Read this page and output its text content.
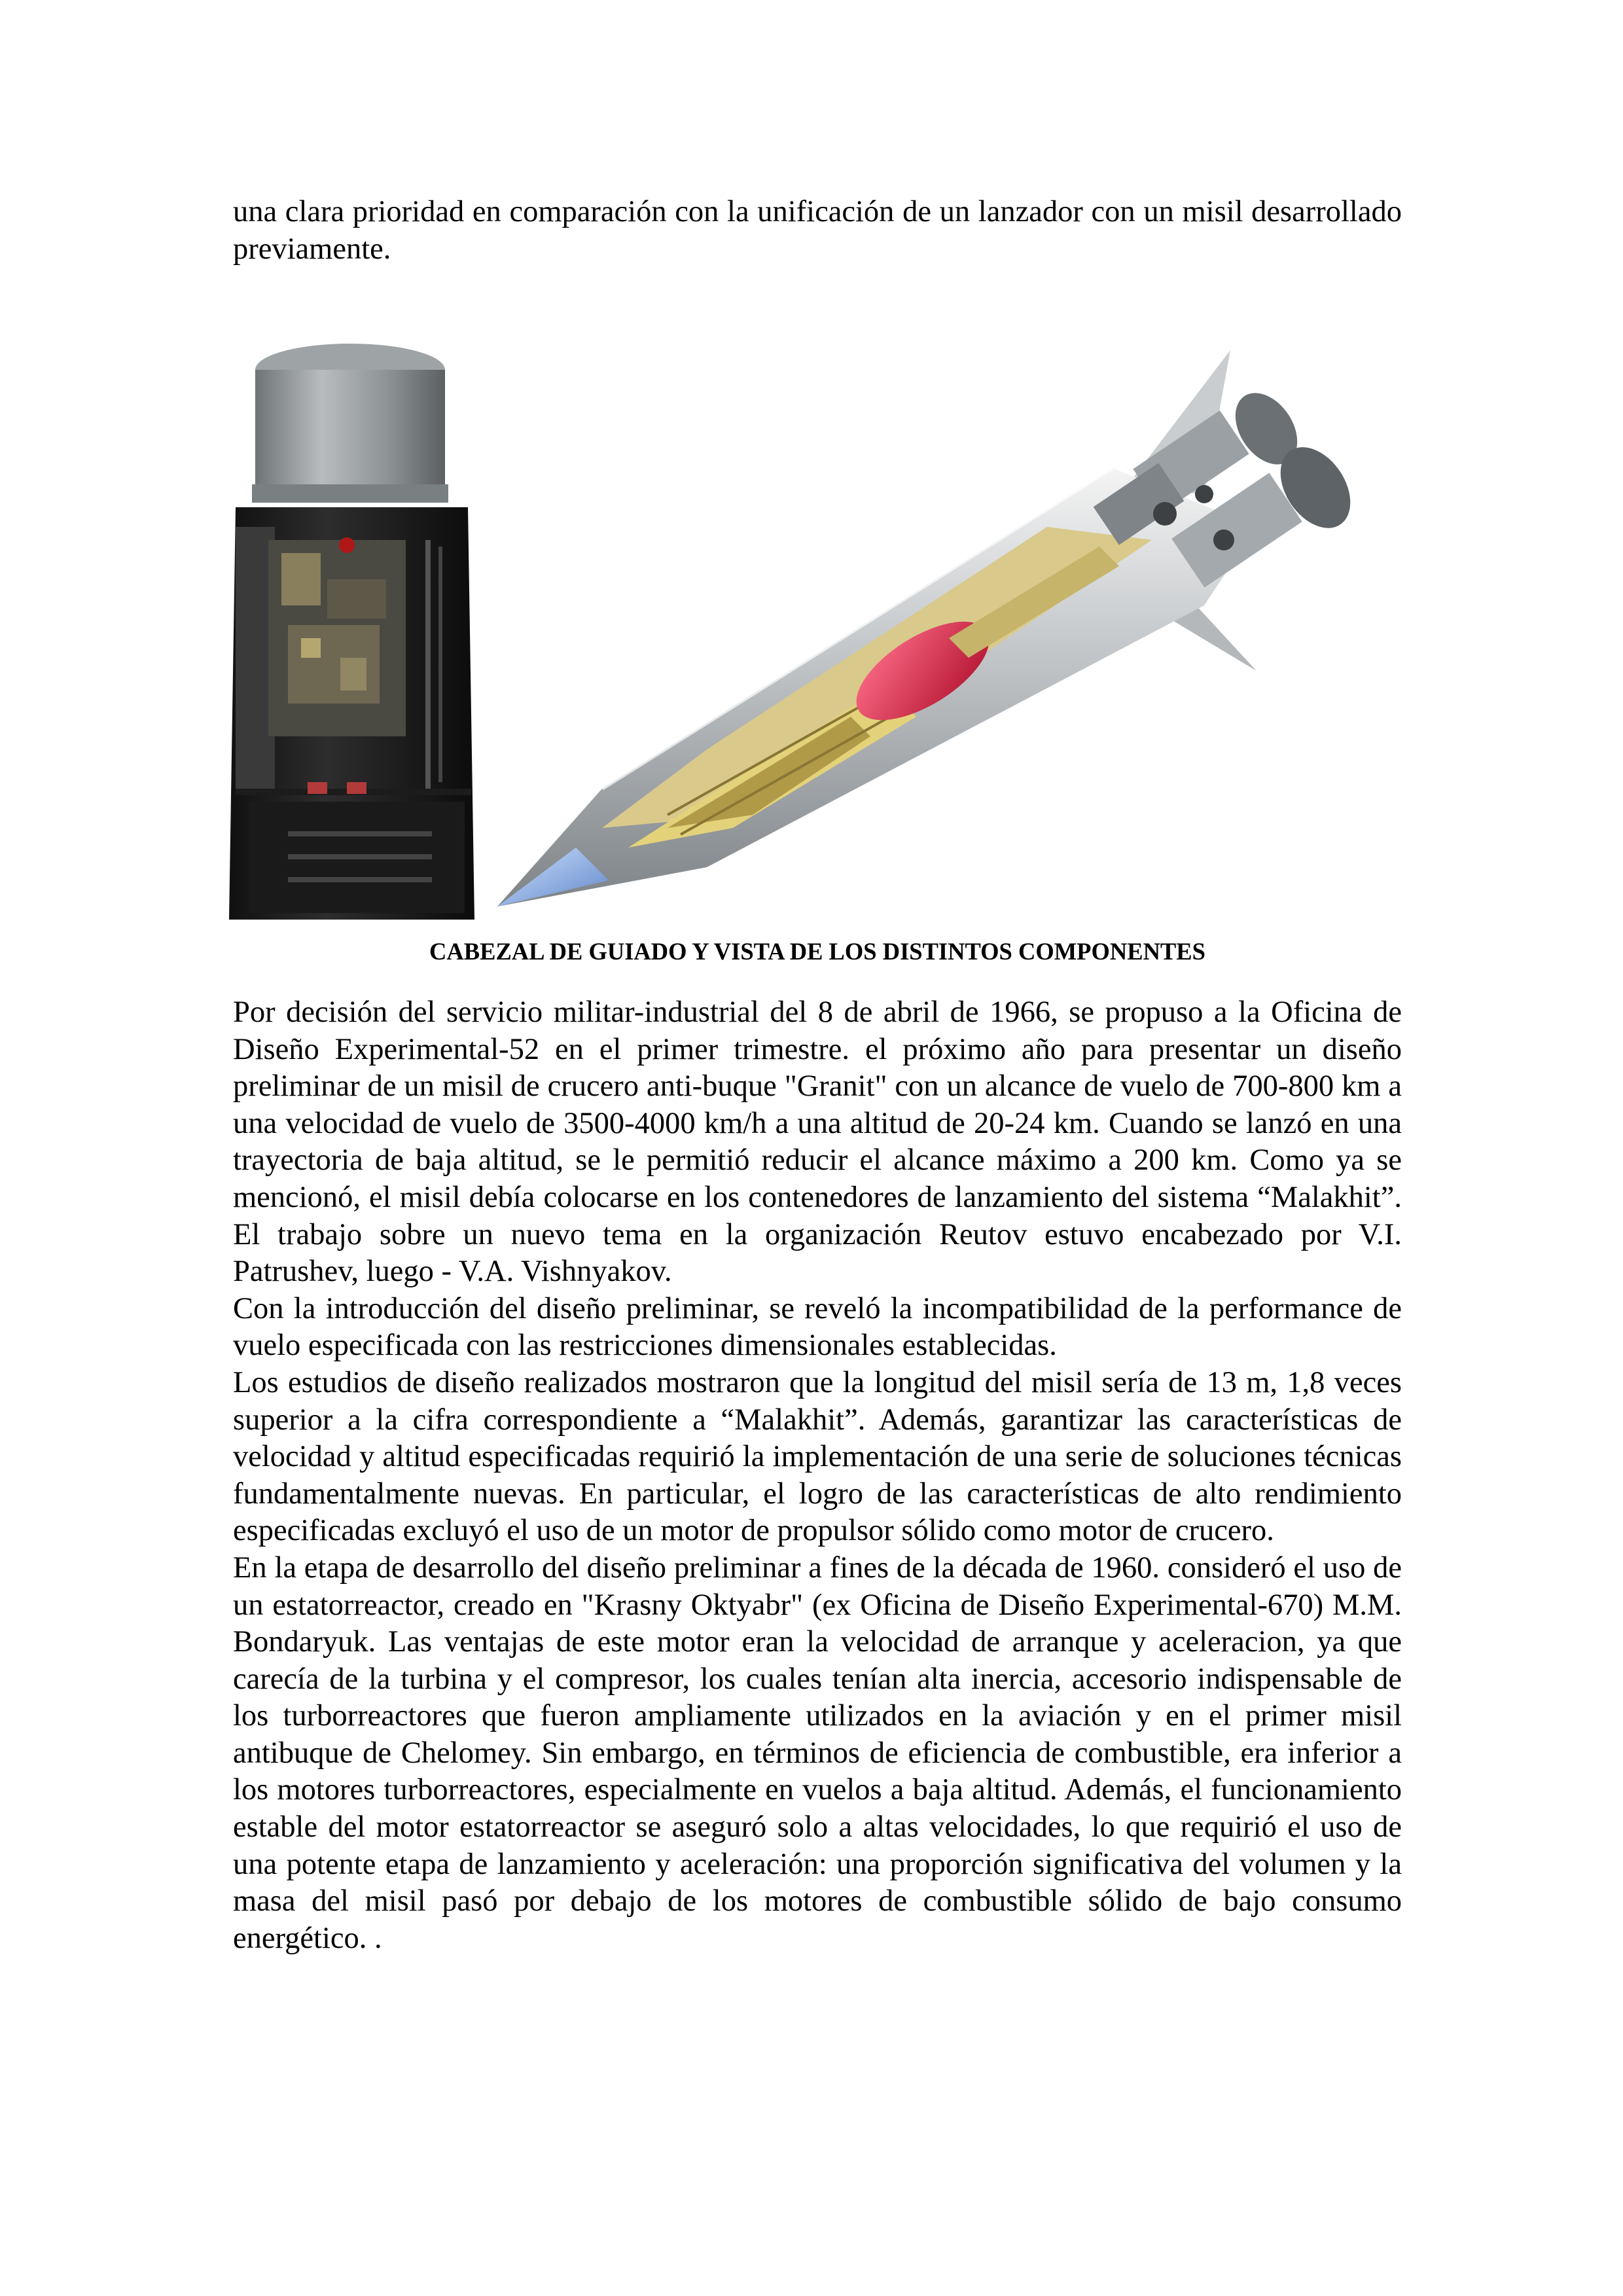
una clara prioridad en comparación con la unificación de un lanzador con un misil desarrollado previamente.

CABEZAL DE GUIADO Y VISTA DE LOS DISTINTOS COMPONENTES

Por decisión del servicio militar-industrial del 8 de abril de 1966, se propuso a la Oficina de Diseño Experimental-52 en el primer trimestre. el próximo año para presentar un diseño preliminar de un misil de crucero anti-buque "Granit" con un alcance de vuelo de 700-800 km a una velocidad de vuelo de 3500-4000 km/h a una altitud de 20-24 km. Cuando se lanzó en una trayectoria de baja altitud, se le permitió reducir el alcance máximo a 200 km. Como ya se mencionó, el misil debía colocarse en los contenedores de lanzamiento del sistema “Malakhit”. El trabajo sobre un nuevo tema en la organización Reutov estuvo encabezado por V.I. Patrushev, luego - V.A. Vishnyakov.

Con la introducción del diseño preliminar, se reveló la incompatibilidad de la performance de vuelo especificada con las restricciones dimensionales establecidas.

Los estudios de diseño realizados mostraron que la longitud del misil sería de 13 m, 1,8 veces superior a la cifra correspondiente a “Malakhit”. Además, garantizar las características de velocidad y altitud especificadas requirió la implementación de una serie de soluciones técnicas fundamentalmente nuevas. En particular, el logro de las características de alto rendimiento especificadas excluyó el uso de un motor de propulsor sólido como motor de crucero.

En la etapa de desarrollo del diseño preliminar a fines de la década de 1960. consideró el uso de un estatorreactor, creado en "Krasny Oktyabr" (ex Oficina de Diseño Experimental-670) M.M. Bondaryuk. Las ventajas de este motor eran la velocidad de arranque y aceleracion, ya que carecía de la turbina y el compresor, los cuales tenían alta inercia, accesorio indispensable de los turborreactores que fueron ampliamente utilizados en la aviación y en el primer misil antibuque de Chelomey. Sin embargo, en términos de eficiencia de combustible, era inferior a los motores turborreactores, especialmente en vuelos a baja altitud. Además, el funcionamiento estable del motor estatorreactor se aseguró solo a altas velocidades, lo que requirió el uso de una potente etapa de lanzamiento y aceleración: una proporción significativa del volumen y la masa del misil pasó por debajo de los motores de combustible sólido de bajo consumo energético. .
